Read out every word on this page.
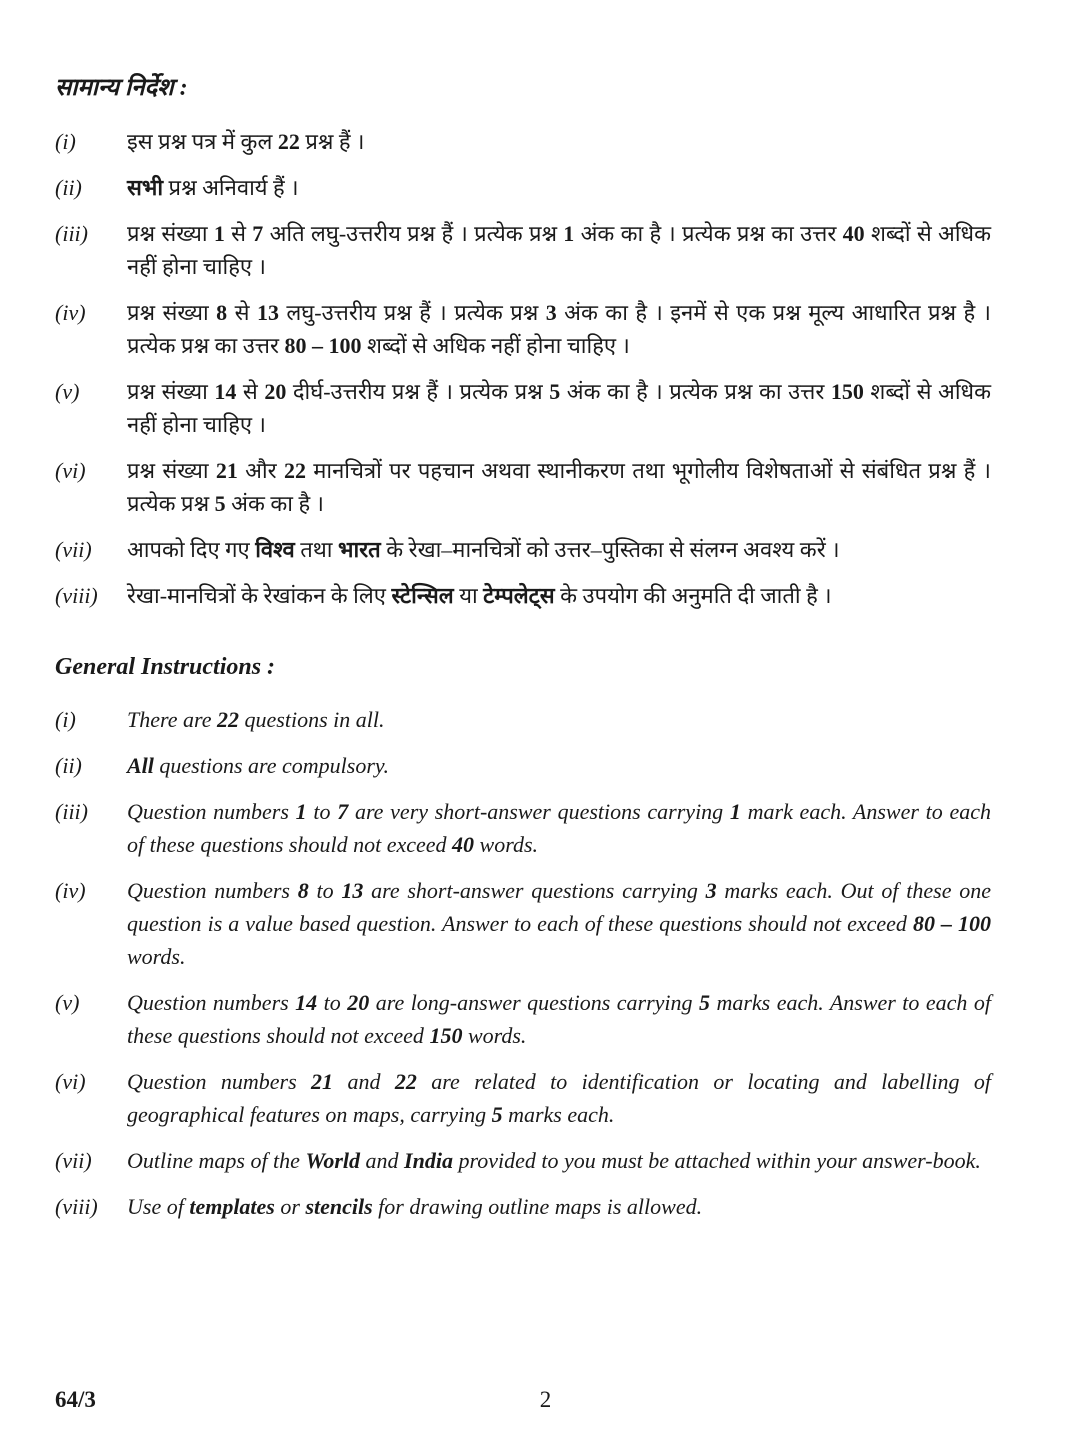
सामान्य निर्देश :
(i)	इस प्रश्न पत्र में कुल 22 प्रश्न हैं ।
(ii)	सभी प्रश्न अनिवार्य हैं ।
(iii)	प्रश्न संख्या 1 से 7 अति लघु-उत्तरीय प्रश्न हैं । प्रत्येक प्रश्न 1 अंक का है । प्रत्येक प्रश्न का उत्तर 40 शब्दों से अधिक नहीं होना चाहिए ।
(iv)	प्रश्न संख्या 8 से 13 लघु-उत्तरीय प्रश्न हैं । प्रत्येक प्रश्न 3 अंक का है । इनमें से एक प्रश्न मूल्य आधारित प्रश्न है । प्रत्येक प्रश्न का उत्तर 80 – 100 शब्दों से अधिक नहीं होना चाहिए ।
(v)	प्रश्न संख्या 14 से 20 दीर्घ-उत्तरीय प्रश्न हैं । प्रत्येक प्रश्न 5 अंक का है । प्रत्येक प्रश्न का उत्तर 150 शब्दों से अधिक नहीं होना चाहिए ।
(vi)	प्रश्न संख्या 21 और 22 मानचित्रों पर पहचान अथवा स्थानीकरण तथा भूगोलीय विशेषताओं से संबंधित प्रश्न हैं । प्रत्येक प्रश्न 5 अंक का है ।
(vii)	आपको दिए गए विश्व तथा भारत के रेखा–मानचित्रों को उत्तर–पुस्तिका से संलग्न अवश्य करें ।
(viii)	रेखा-मानचित्रों के रेखांकन के लिए स्टेन्सिल या टेम्पलेट्स के उपयोग की अनुमति दी जाती है ।
General Instructions :
(i)	There are 22 questions in all.
(ii)	All questions are compulsory.
(iii)	Question numbers 1 to 7 are very short-answer questions carrying 1 mark each. Answer to each of these questions should not exceed 40 words.
(iv)	Question numbers 8 to 13 are short-answer questions carrying 3 marks each. Out of these one question is a value based question. Answer to each of these questions should not exceed 80 – 100 words.
(v)	Question numbers 14 to 20 are long-answer questions carrying 5 marks each. Answer to each of these questions should not exceed 150 words.
(vi)	Question numbers 21 and 22 are related to identification or locating and labelling of geographical features on maps, carrying 5 marks each.
(vii)	Outline maps of the World and India provided to you must be attached within your answer-book.
(viii)	Use of templates or stencils for drawing outline maps is allowed.
64/3	2
